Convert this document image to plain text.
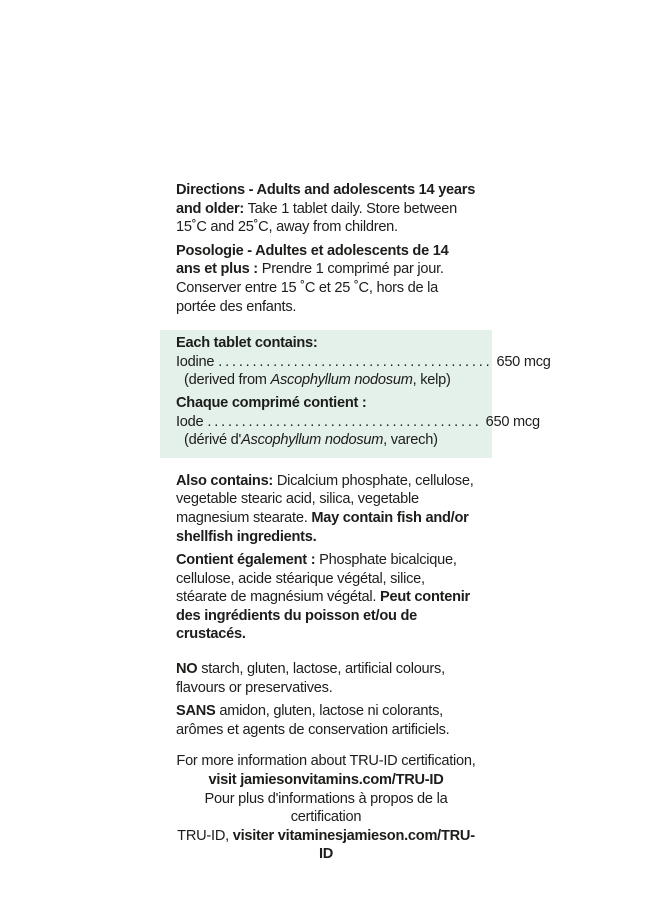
Directions - Adults and adolescents 14 years and older: Take 1 tablet daily. Store between 15˚C and 25˚C, away from children.

Posologie - Adultes et adolescents de 14 ans et plus : Prendre 1 comprimé par jour. Conserver entre 15 ˚C et 25 ˚C, hors de la portée des enfants.

Each tablet contains:

Iodine ........................................ 650 mcg

(derived from Ascophyllum nodosum, kelp)

Chaque comprimé contient :

Iode ........................................ 650 mcg

(dérivé d'Ascophyllum nodosum, varech)

Also contains: Dicalcium phosphate, cellulose, vegetable stearic acid, silica, vegetable magnesium stearate. May contain fish and/or shellfish ingredients.

Contient également : Phosphate bicalcique, cellulose, acide stéarique végétal, silice, stéarate de magnésium végétal. Peut contenir des ingrédients du poisson et/ou de crustacés.

NO starch, gluten, lactose, artificial colours, flavours or preservatives.

SANS amidon, gluten, lactose ni colorants, arômes et agents de conservation artificiels.

For more information about TRU-ID certification,

visit jamiesonvitamins.com/TRU-ID

Pour plus d'informations à propos de la certification

TRU-ID, visiter vitaminesjamieson.com/TRU-ID
